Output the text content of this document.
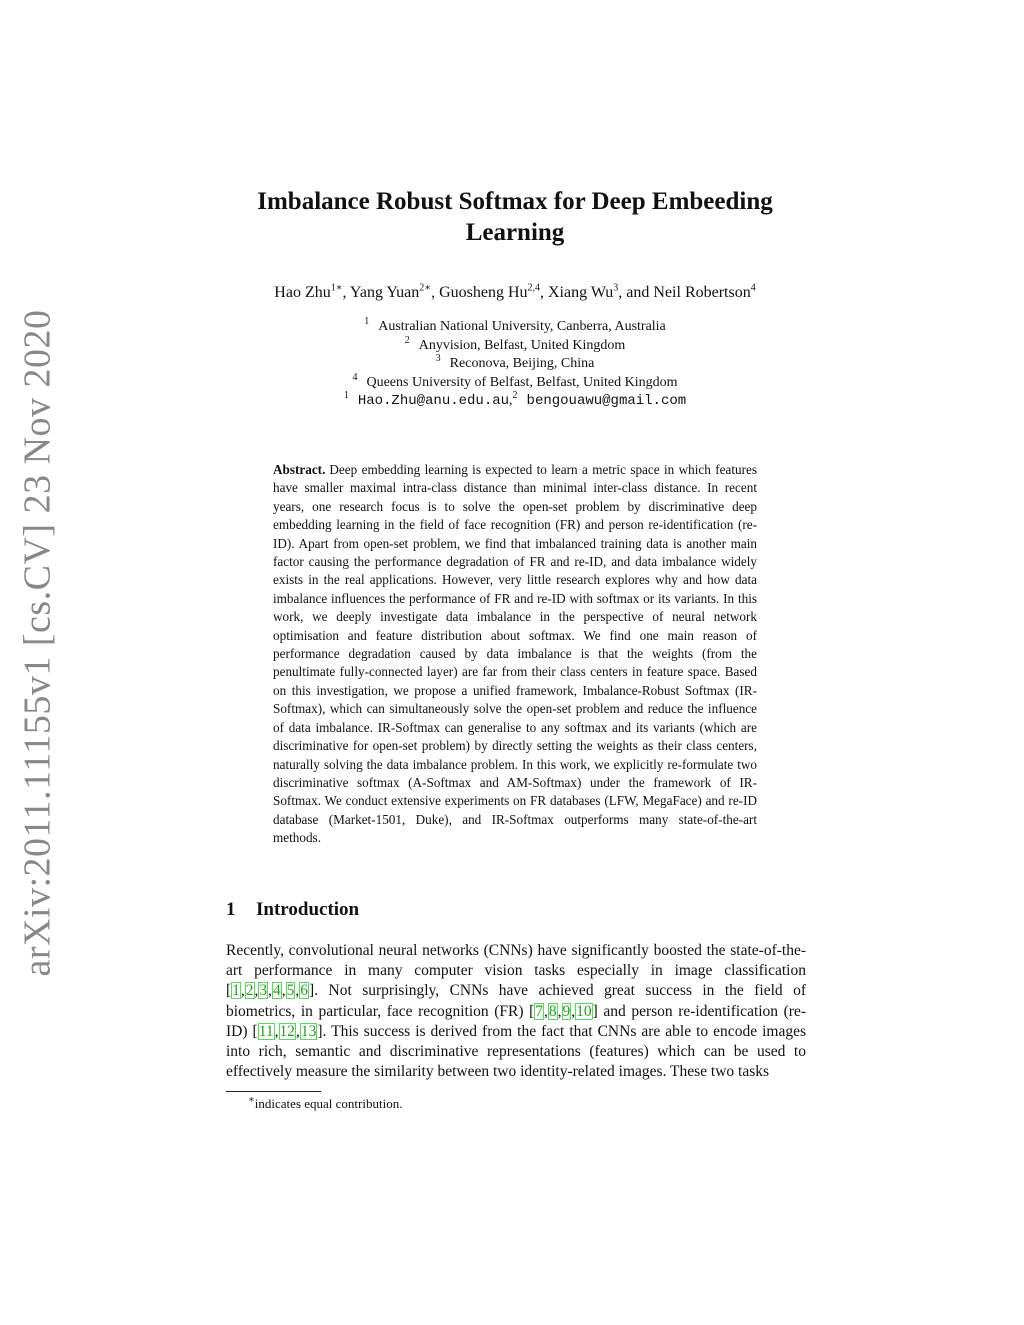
arXiv:2011.11155v1 [cs.CV] 23 Nov 2020
Imbalance Robust Softmax for Deep Embeeding Learning
Hao Zhu$^{1∗}$, Yang Yuan$^{2∗}$, Guosheng Hu$^{2,4}$, Xiang Wu$^3$, and Neil Robertson$^4$
$^1$ Australian National University, Canberra, Australia
$^2$ Anyvision, Belfast, United Kingdom
$^3$ Reconova, Beijing, China
$^4$ Queens University of Belfast, Belfast, United Kingdom
$^1$ Hao.Zhu@anu.edu.au,$^2$ bengouawu@gmail.com

Abstract. Deep embedding learning is expected to learn a metric space in which features have smaller maximal intra-class distance than minimal inter-class distance. In recent years, one research focus is to solve the open-set problem by discriminative deep embedding learning in the field of face recognition (FR) and person re-identification (re-ID). Apart from open-set problem, we find that imbalanced training data is another main factor causing the performance degradation of FR and re-ID, and data imbalance widely exists in the real applications. However, very little research explores why and how data imbalance influences the performance of FR and re-ID with softmax or its variants. In this work, we deeply investigate data imbalance in the perspective of neural network optimisation and feature distribution about softmax. We find one main reason of performance degradation caused by data imbalance is that the weights (from the penultimate fully-connected layer) are far from their class centers in feature space. Based on this investigation, we propose a unified framework, Imbalance-Robust Softmax (IR-Softmax), which can simultaneously solve the open-set problem and reduce the influence of data imbalance. IR-Softmax can generalise to any softmax and its variants (which are discriminative for open-set problem) by directly setting the weights as their class centers, naturally solving the data imbalance problem. In this work, we explicitly re-formulate two discriminative softmax (A-Softmax and AM-Softmax) under the framework of IR-Softmax. We conduct extensive experiments on FR databases (LFW, MegaFace) and re-ID database (Market-1501, Duke), and IR-Softmax outperforms many state-of-the-art methods.

1 Introduction

Recently, convolutional neural networks (CNNs) have significantly boosted the state-of-the-art performance in many computer vision tasks especially in image classification [1,2,3,4,5,6]. Not surprisingly, CNNs have achieved great success in the field of biometrics, in particular, face recognition (FR) [7,8,9,10] and person re-identification (re-ID) [11,12,13]. This success is derived from the fact that CNNs are able to encode images into rich, semantic and discriminative representations (features) which can be used to effectively measure the similarity between two identity-related images. These two tasks

∗indicates equal contribution.
